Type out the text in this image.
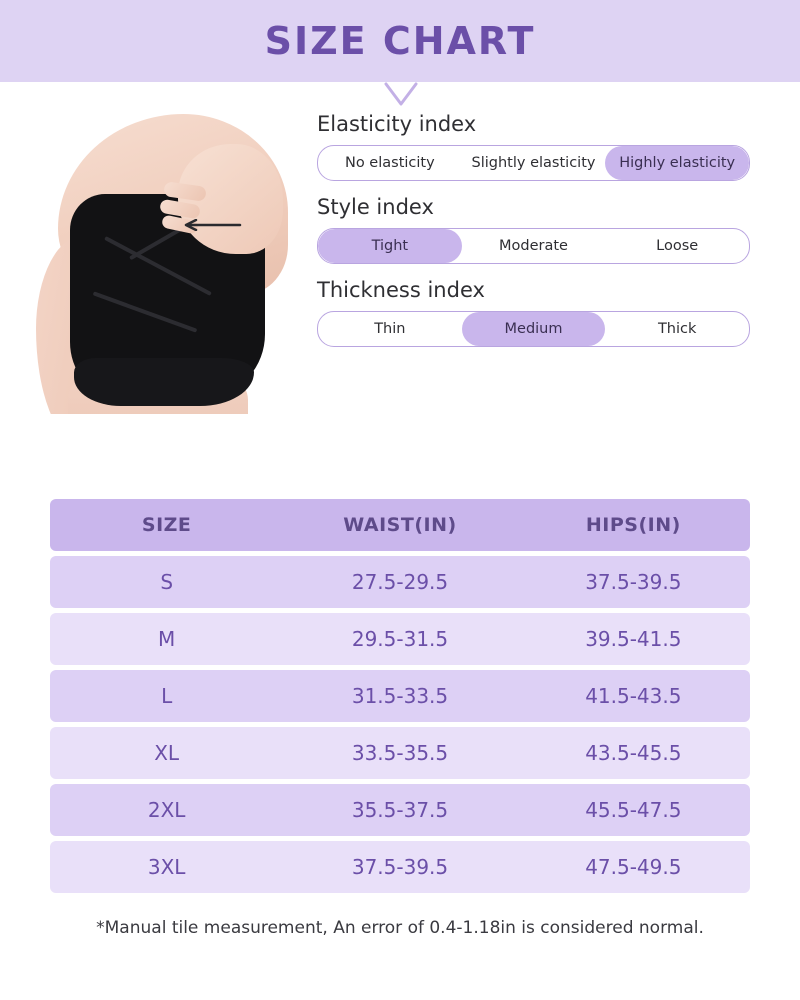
SIZE CHART
Elasticity index
No elasticity	Slightly elasticity	Highly elasticity
Style index
Tight	Moderate	Loose
Thickness index
Thin	Medium	Thick
SIZE	WAIST(IN)	HIPS(IN)
S	27.5-29.5	37.5-39.5
M	29.5-31.5	39.5-41.5
L	31.5-33.5	41.5-43.5
XL	33.5-35.5	43.5-45.5
2XL	35.5-37.5	45.5-47.5
3XL	37.5-39.5	47.5-49.5
*Manual tile measurement, An error of 0.4-1.18in is considered normal.
